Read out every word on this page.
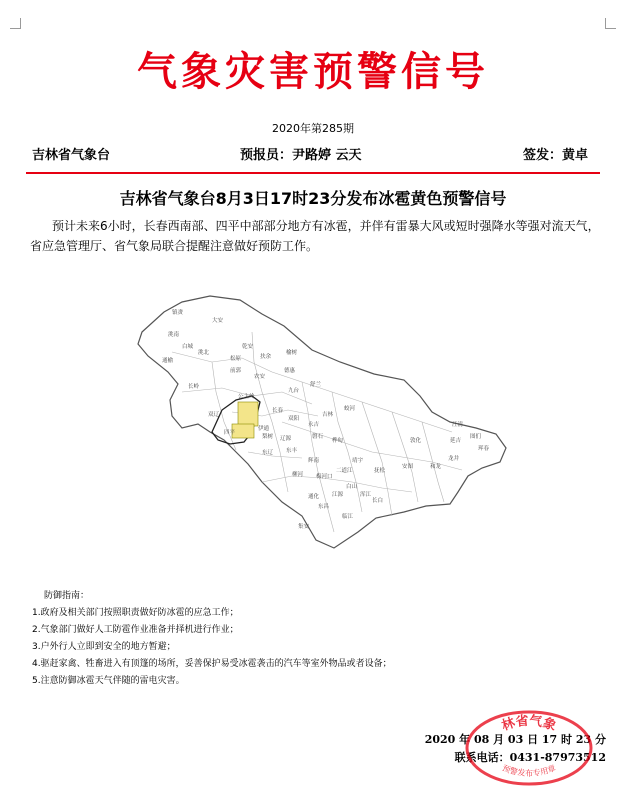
气象灾害预警信号
2020年第285期
吉林省气象台	预报员：尹路婷 云天	签发：黄卓
吉林省气象台8月3日17时23分发布冰雹黄色预警信号

预计未来6小时，长春西南部、四平中部部分地方有冰雹，并伴有雷暴大风或短时强降水等强对流天气，省应急管理厅、省气象局联合提醒注意做好预防工作。

镇赉
通榆
大安
乾安
长岭
双辽
梨树
公主岭
伊通
东辽 东丰
辉南
柳河
通化
集安
白山
临江
靖宇
抚松
长白
敦化
安图	和龙
龙井
延吉
汪清
珲春
图们
蛟河
桦甸
磐石
舒兰
永吉
吉林
榆树
德惠
农安
九台
扶余
松原
前郭
洮南
白城
洮北
梅河口
辽源
四平
长春
双阳
东昌
二道江
江源	浑江
防御指南：
1.政府及相关部门按照职责做好防冰雹的应急工作；
2.气象部门做好人工防雹作业准备并择机进行作业；
3.户外行人立即到安全的地方暂避；
4.驱赶家禽、牲畜进入有顶篷的场所，妥善保护易受冰雹袭击的汽车等室外物品或者设备；
5.注意防御冰雹天气伴随的雷电灾害。
2020 年 08 月 03 日 17 时 23 分
联系电话：0431-87973512
林省气象
预警发布专用章
